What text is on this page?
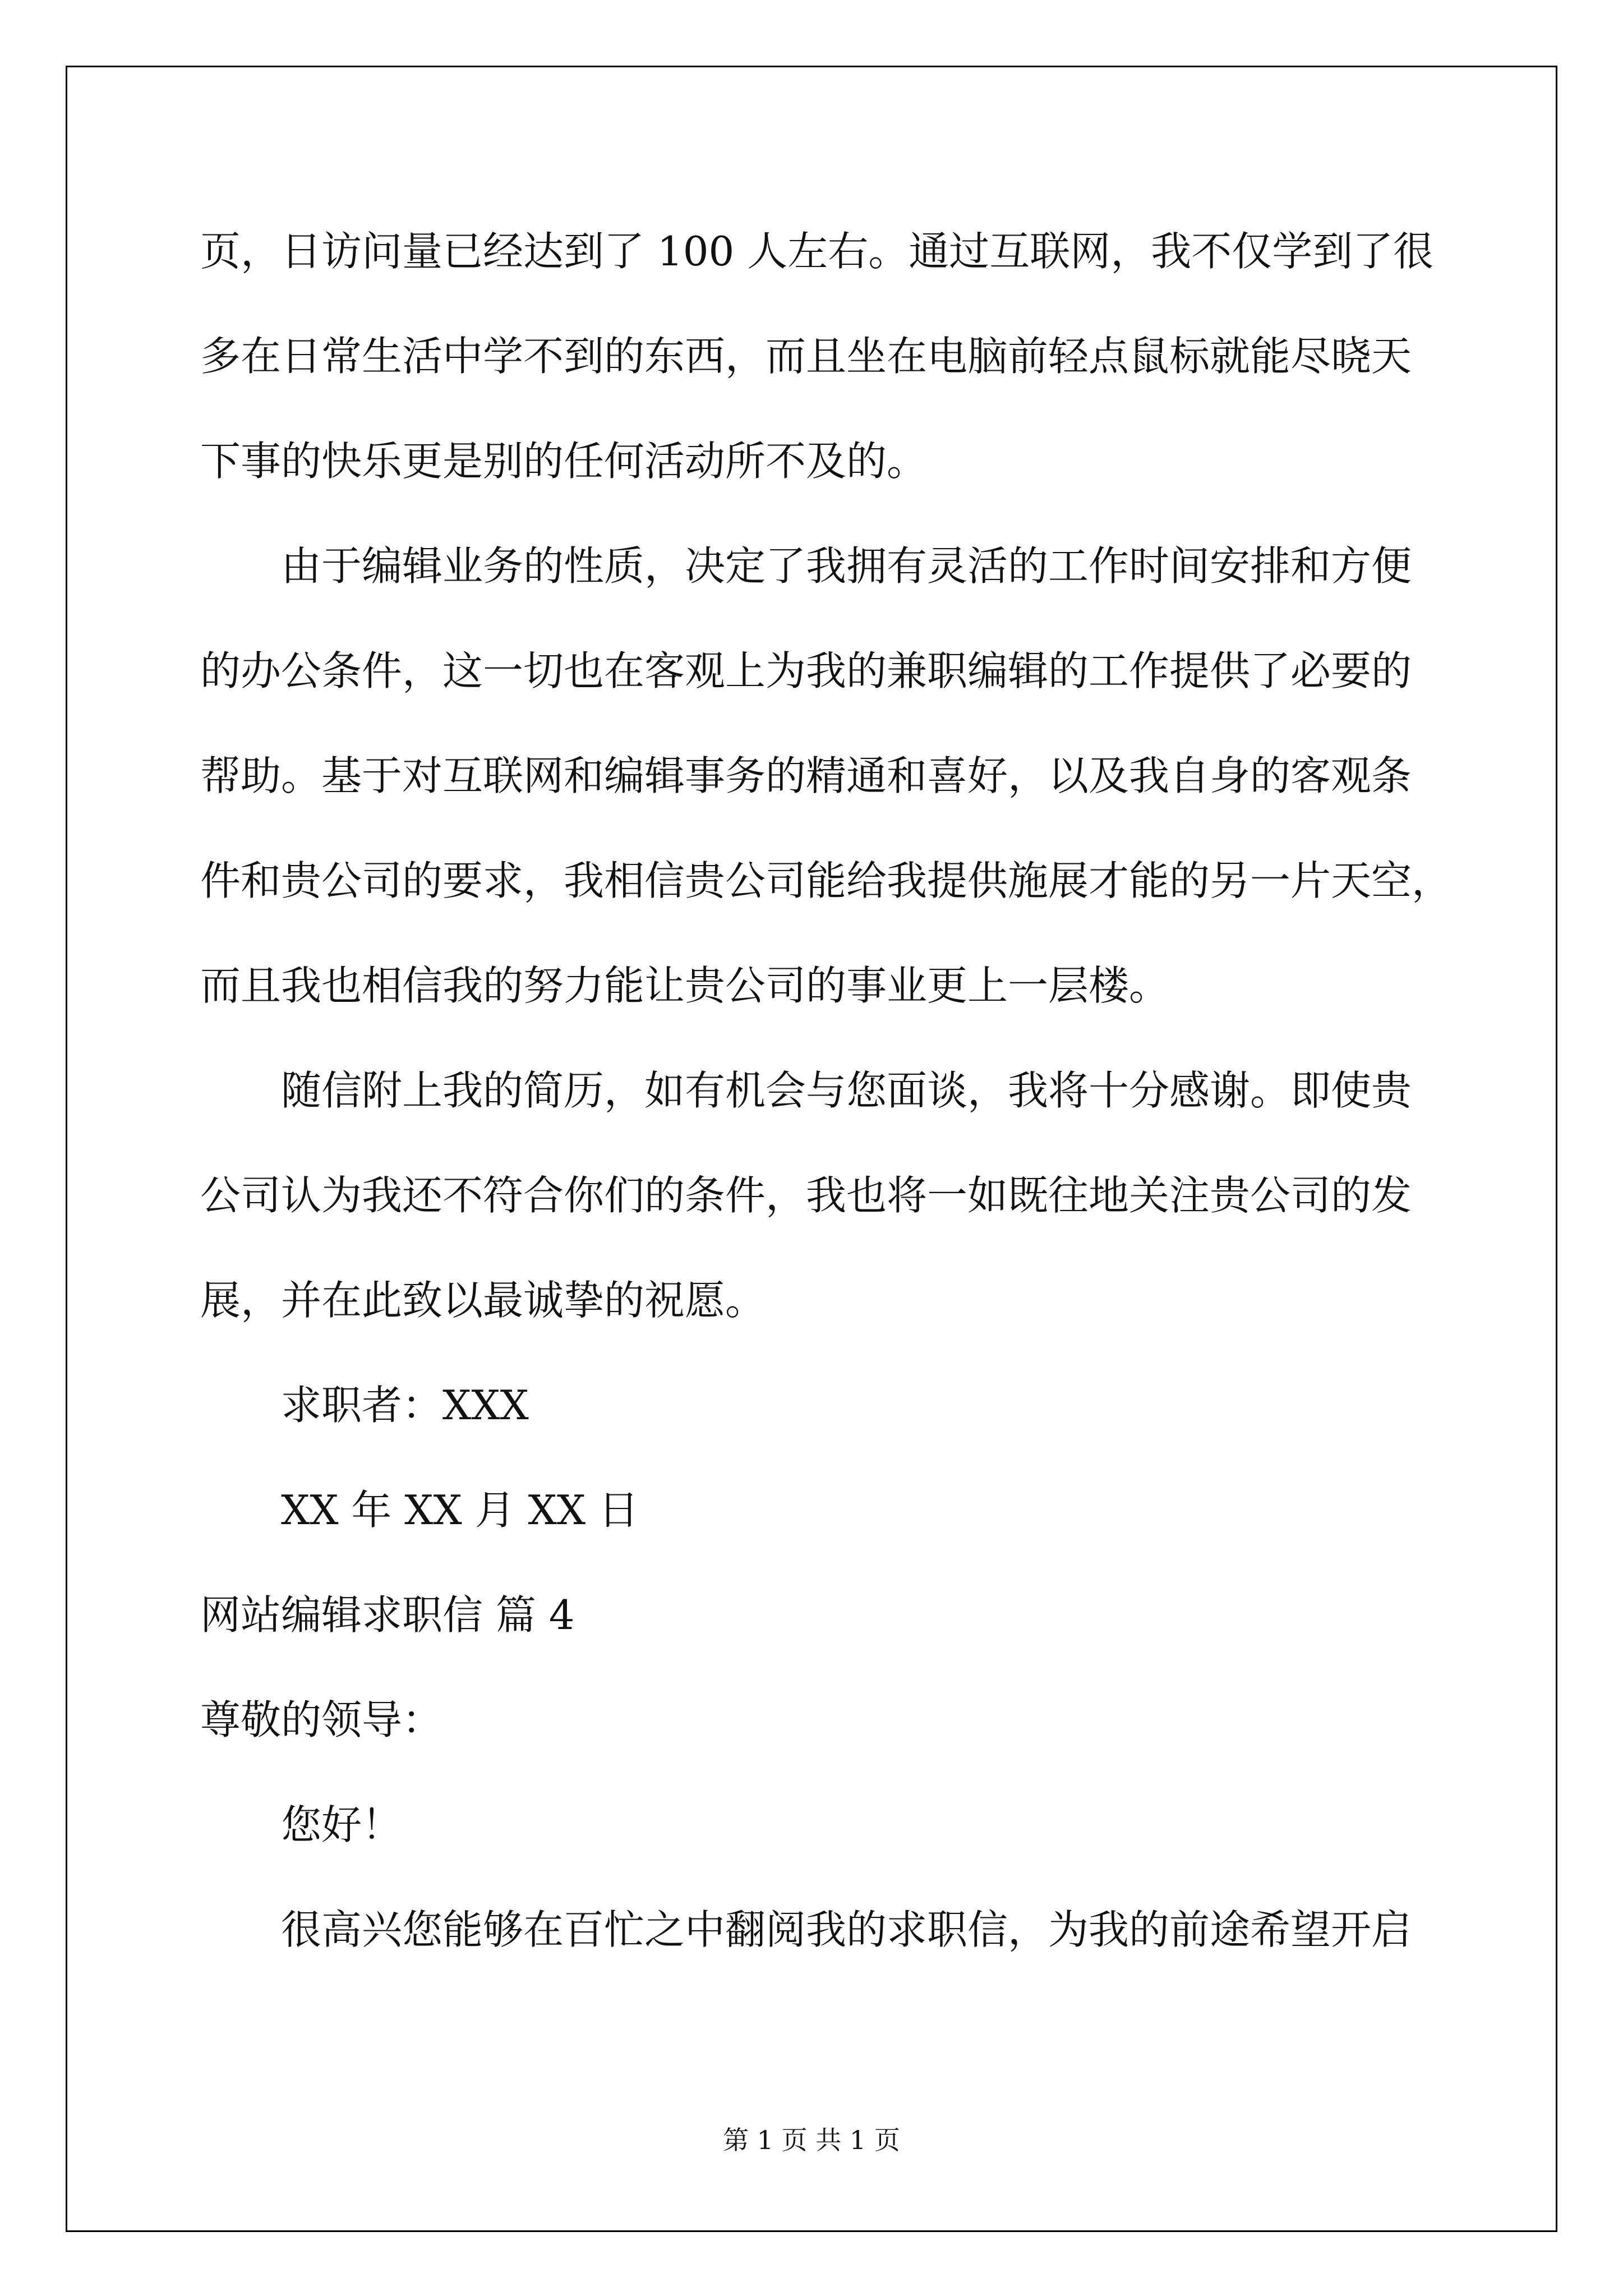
页，日访问量已经达到了 100 人左右。通过互联网，我不仅学到了很
多在日常生活中学不到的东西，而且坐在电脑前轻点鼠标就能尽晓天
下事的快乐更是别的任何活动所不及的。
由于编辑业务的性质，决定了我拥有灵活的工作时间安排和方便
的办公条件，这一切也在客观上为我的兼职编辑的工作提供了必要的
帮助。基于对互联网和编辑事务的精通和喜好，以及我自身的客观条
件和贵公司的要求，我相信贵公司能给我提供施展才能的另一片天空，
而且我也相信我的努力能让贵公司的事业更上一层楼。
随信附上我的简历，如有机会与您面谈，我将十分感谢。即使贵
公司认为我还不符合你们的条件，我也将一如既往地关注贵公司的发
展，并在此致以最诚挚的祝愿。
求职者：XXX
XX 年 XX 月 XX 日
网站编辑求职信 篇 4
尊敬的领导：
您好！
很高兴您能够在百忙之中翻阅我的求职信，为我的前途希望开启
第 1 页 共 1 页
